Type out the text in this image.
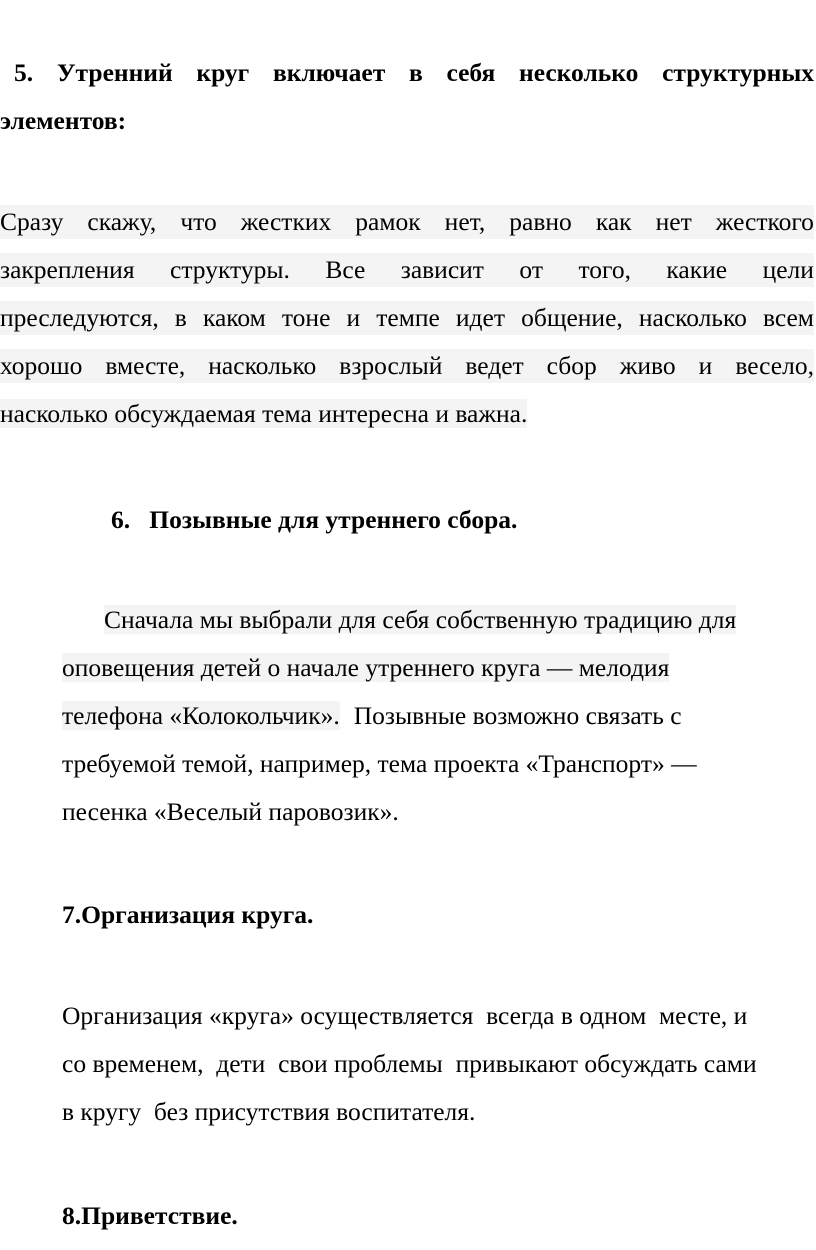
5. Утренний круг включает в себя несколько структурных
элементов:
Сразу скажу, что жестких рамок нет, равно как нет жесткого
закрепления структуры. Все зависит от того, какие цели
преследуются, в каком тоне и темпе идет общение, насколько всем
хорошо вместе, насколько взрослый ведет сбор живо и весело,
насколько обсуждаемая тема интересна и важна.
6.   Позывные для утреннего сбора.
Сначала мы выбрали для себя собственную традицию для
оповещения детей о начале утреннего круга — мелодия
телефона «Колокольчик». Позывные возможно связать с
требуемой темой, например, тема проекта «Транспорт» —
песенка «Веселый паровозик».
7.Организация круга.
Организация «круга» осуществляется  всегда в одном  месте, и
со временем,  дети  свои проблемы  привыкают обсуждать сами
в кругу  без присутствия воспитателя.
8.Приветствие.
